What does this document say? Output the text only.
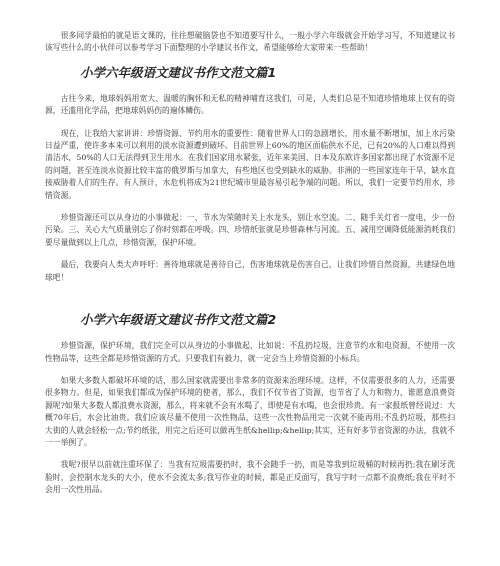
很多同学最怕的就是语文课的，往往想破脑袋也不知道要写什么，一般小学六年级就会开始学习写，不知道建议书该写些什么的小伙伴可以参考学习下面整理的小学建议书作文，希望能够给大家带来一些帮助！

小学六年级语文建议书作文范文篇1

古往今来，地球妈妈用宽大、温暖的胸怀和无私的精神哺育这我们，可是，人类们总是不知道珍惜地球上仅有的资源，还滥用化学品，把地球妈妈伤的遍体鳞伤。

现在，让我给大家讲讲：珍惜资源、节约用水的重要性：随着世界人口的急剧增长，用水量不断增加，加上水污染日益严重，使许多本来可以利用的淡水资源遭到破坏。目前世界上60%的地区面临供水不足，已有20%的人口难以得到清洁水，50%的人口无法得到卫生用水。在我们国家用水紧张，近年来美国、日本及东欧许多国家都出现了水资源不足的问题，甚至连淡水资源比较丰富的俄罗斯与加拿大，有些地区也受到缺水的威胁。非洲的一些国家连年干旱，缺水直接威胁着人们的生存。有人预计，水危机将成为21世纪城市里最容易引起争端的问题。所以，我们一定要节约用水，珍惜资源。

珍惜资源还可以从身边的小事做起：一、节水为荣随时关上水龙头，别让水空流。二、随手关灯省一度电，少一份污染。三、关心大气质量别忘了你时刻都在呼吸。四、珍惜纸张就是珍惜森林与河流。五、减用空调降低能源消耗我们要尽量做到以上几点，珍惜资源，保护环境。

最后，我要向人类大声呼吁：善待地球就是善待自己，伤害地球就是伤害自己，让我们珍惜自然资源，共建绿色地球吧！

小学六年级语文建议书作文范文篇2

珍惜资源，保护环境，我们完全可以从身边的小事做起，比如说：不乱扔垃圾，注意节约水和电资源，不使用一次性物品等，这些全都是珍惜资源的方式。只要我们有毅力，就一定会当上珍惜资源的小标兵。

如果大多数人都破坏环境的话，那么国家就需要出非常多的资源来治理环境。这样，不仅需要很多的人力，还需要很多物力。但是，如果我们都成为保护环境的使者，那么，我们不仅节省了资源，也节省了人力和物力，谁愿意浪费资源呢?如果大多数人都浪费水资源，那么，将来就不会有水喝了，即使是有水喝，也会很珍贵。有一家报纸曾经说过：大概70年后，水会比油贵。我们应该尽量不使用一次性物品，这些一次性物品用完一次就不能再用;不乱扔垃圾，那些扫大街的人就会轻松一点;节约纸张，用完之后还可以做再生纸&hellip;&hellip;其实，还有好多节省资源的办法，我就不一一举例了。

我呢?很早以前就注重环保了：当我有垃圾需要扔时，我不会随手一扔，而是等我到垃圾桶的时候再扔;我在刷牙洗脸时，会控制水龙头的大小，使水不会流太多;我写作业的时候，都是正反面写，我写字时一点都不浪费纸;我在平时不会用一次性用品。
